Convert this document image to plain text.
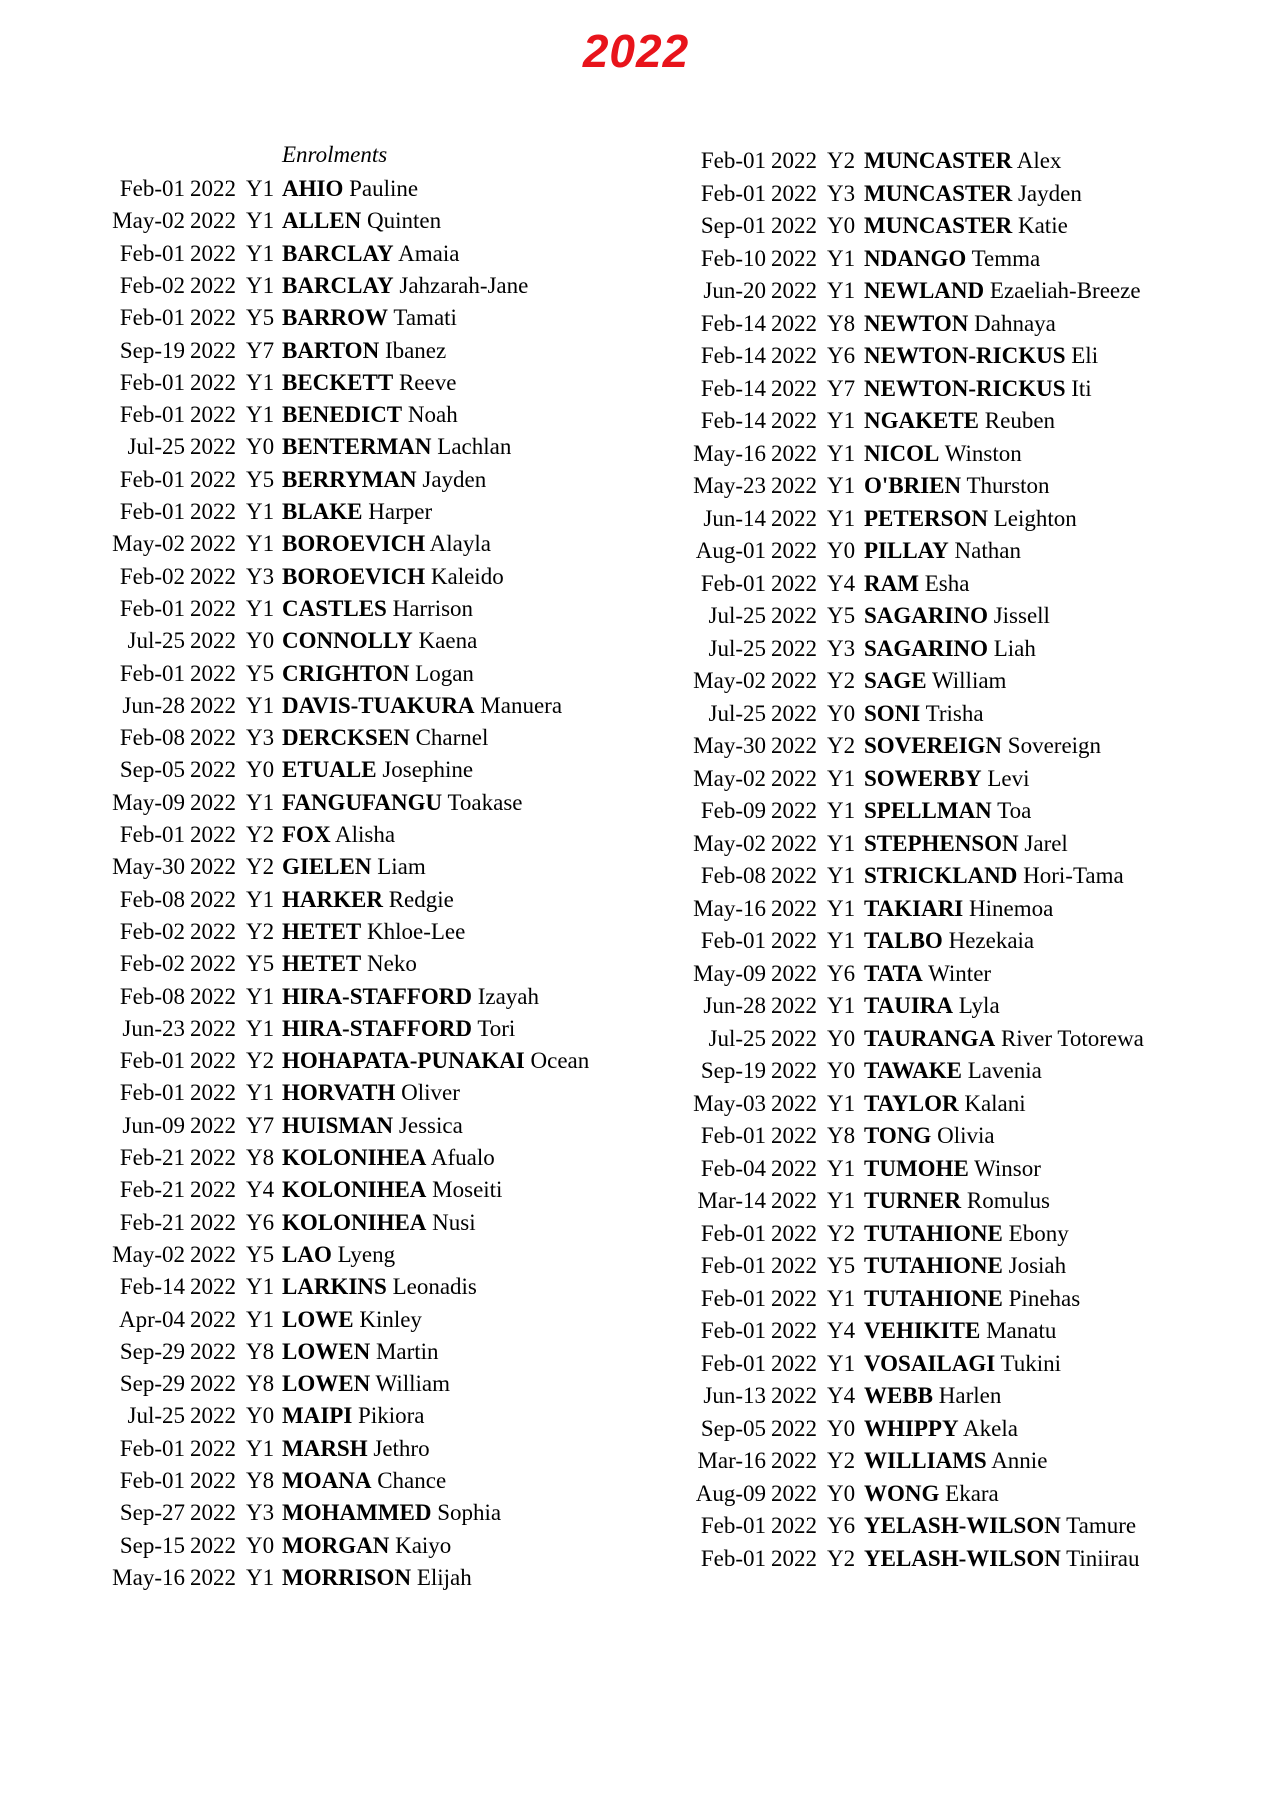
2022
Enrolments
Feb-01 2022 Y1 AHIO Pauline
May-02 2022 Y1 ALLEN Quinten
Feb-01 2022 Y1 BARCLAY Amaia
Feb-02 2022 Y1 BARCLAY Jahzarah-Jane
Feb-01 2022 Y5 BARROW Tamati
Sep-19 2022 Y7 BARTON Ibanez
Feb-01 2022 Y1 BECKETT Reeve
Feb-01 2022 Y1 BENEDICT Noah
Jul-25 2022 Y0 BENTERMAN Lachlan
Feb-01 2022 Y5 BERRYMAN Jayden
Feb-01 2022 Y1 BLAKE Harper
May-02 2022 Y1 BOROEVICH Alayla
Feb-02 2022 Y3 BOROEVICH Kaleido
Feb-01 2022 Y1 CASTLES Harrison
Jul-25 2022 Y0 CONNOLLY Kaena
Feb-01 2022 Y5 CRIGHTON Logan
Jun-28 2022 Y1 DAVIS-TUAKURA Manuera
Feb-08 2022 Y3 DERCKSEN Charnel
Sep-05 2022 Y0 ETUALE Josephine
May-09 2022 Y1 FANGUFANGU Toakase
Feb-01 2022 Y2 FOX Alisha
May-30 2022 Y2 GIELEN Liam
Feb-08 2022 Y1 HARKER Redgie
Feb-02 2022 Y2 HETET Khloe-Lee
Feb-02 2022 Y5 HETET Neko
Feb-08 2022 Y1 HIRA-STAFFORD Izayah
Jun-23 2022 Y1 HIRA-STAFFORD Tori
Feb-01 2022 Y2 HOHAPATA-PUNAKAI Ocean
Feb-01 2022 Y1 HORVATH Oliver
Jun-09 2022 Y7 HUISMAN Jessica
Feb-21 2022 Y8 KOLONIHEA Afualo
Feb-21 2022 Y4 KOLONIHEA Moseiti
Feb-21 2022 Y6 KOLONIHEA Nusi
May-02 2022 Y5 LAO Lyeng
Feb-14 2022 Y1 LARKINS Leonadis
Apr-04 2022 Y1 LOWE Kinley
Sep-29 2022 Y8 LOWEN Martin
Sep-29 2022 Y8 LOWEN William
Jul-25 2022 Y0 MAIPI Pikiora
Feb-01 2022 Y1 MARSH Jethro
Feb-01 2022 Y8 MOANA Chance
Sep-27 2022 Y3 MOHAMMED Sophia
Sep-15 2022 Y0 MORGAN Kaiyo
May-16 2022 Y1 MORRISON Elijah
Feb-01 2022 Y2 MUNCASTER Alex
Feb-01 2022 Y3 MUNCASTER Jayden
Sep-01 2022 Y0 MUNCASTER Katie
Feb-10 2022 Y1 NDANGO Temma
Jun-20 2022 Y1 NEWLAND Ezaeliah-Breeze
Feb-14 2022 Y8 NEWTON Dahnaya
Feb-14 2022 Y6 NEWTON-RICKUS Eli
Feb-14 2022 Y7 NEWTON-RICKUS Iti
Feb-14 2022 Y1 NGAKETE Reuben
May-16 2022 Y1 NICOL Winston
May-23 2022 Y1 O'BRIEN Thurston
Jun-14 2022 Y1 PETERSON Leighton
Aug-01 2022 Y0 PILLAY Nathan
Feb-01 2022 Y4 RAM Esha
Jul-25 2022 Y5 SAGARINO Jissell
Jul-25 2022 Y3 SAGARINO Liah
May-02 2022 Y2 SAGE William
Jul-25 2022 Y0 SONI Trisha
May-30 2022 Y2 SOVEREIGN Sovereign
May-02 2022 Y1 SOWERBY Levi
Feb-09 2022 Y1 SPELLMAN Toa
May-02 2022 Y1 STEPHENSON Jarel
Feb-08 2022 Y1 STRICKLAND Hori-Tama
May-16 2022 Y1 TAKIARI Hinemoa
Feb-01 2022 Y1 TALBO Hezekaia
May-09 2022 Y6 TATA Winter
Jun-28 2022 Y1 TAUIRA Lyla
Jul-25 2022 Y0 TAURANGA River Totorewa
Sep-19 2022 Y0 TAWAKE Lavenia
May-03 2022 Y1 TAYLOR Kalani
Feb-01 2022 Y8 TONG Olivia
Feb-04 2022 Y1 TUMOHE Winsor
Mar-14 2022 Y1 TURNER Romulus
Feb-01 2022 Y2 TUTAHIONE Ebony
Feb-01 2022 Y5 TUTAHIONE Josiah
Feb-01 2022 Y1 TUTAHIONE Pinehas
Feb-01 2022 Y4 VEHIKITE Manatu
Feb-01 2022 Y1 VOSAILAGI Tukini
Jun-13 2022 Y4 WEBB Harlen
Sep-05 2022 Y0 WHIPPY Akela
Mar-16 2022 Y2 WILLIAMS Annie
Aug-09 2022 Y0 WONG Ekara
Feb-01 2022 Y6 YELASH-WILSON Tamure
Feb-01 2022 Y2 YELASH-WILSON Tiniirau
